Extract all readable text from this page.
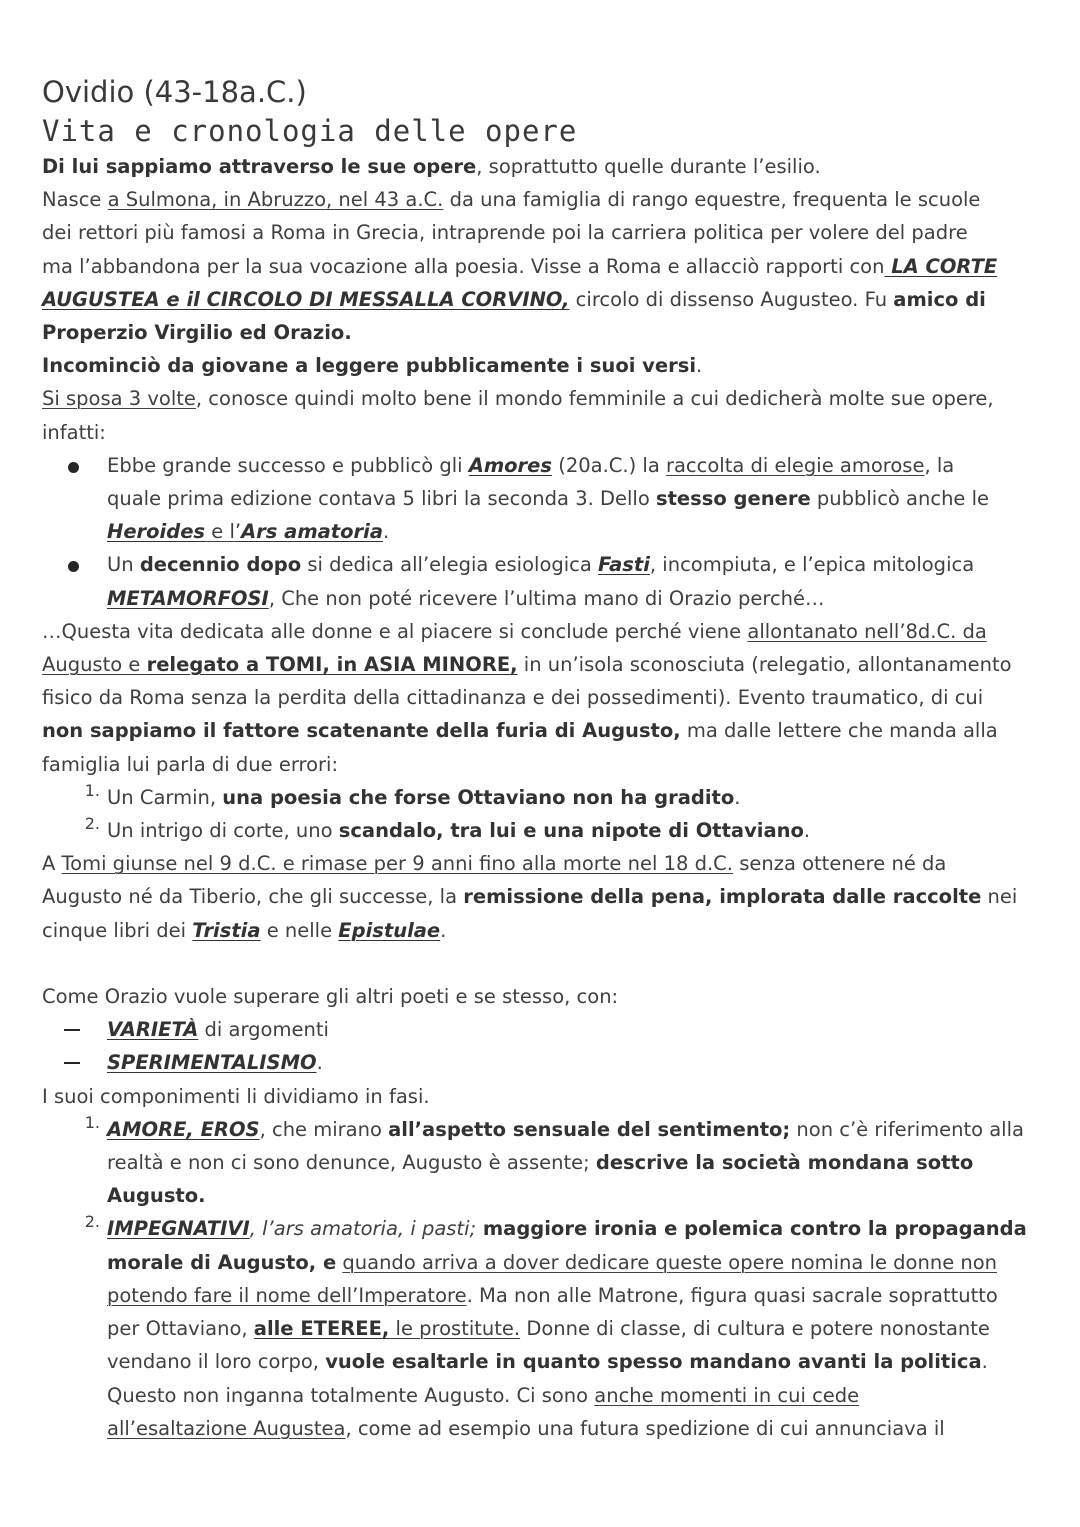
Ovidio (43-18a.C.)
Vita e cronologia delle opere

Di lui sappiamo attraverso le sue opere, soprattutto quelle durante l’esilio.

Nasce a Sulmona, in Abruzzo, nel 43 a.C. da una famiglia di rango equestre, frequenta le scuole

dei rettori più famosi a Roma in Grecia, intraprende poi la carriera politica per volere del padre

ma l’abbandona per la sua vocazione alla poesia. Visse a Roma e allacciò rapporti con LA CORTE

AUGUSTEA e il CIRCOLO DI MESSALLA CORVINO, circolo di dissenso Augusteo. Fu amico di

Properzio Virgilio ed Orazio.

Incominciò da giovane a leggere pubblicamente i suoi versi.

Si sposa 3 volte, conosce quindi molto bene il mondo femminile a cui dedicherà molte sue opere,

infatti:

Ebbe grande successo e pubblicò gli Amores (20a.C.) la raccolta di elegie amorose, la

quale prima edizione contava 5 libri la seconda 3. Dello stesso genere pubblicò anche le

Heroides e l’Ars amatoria.

Un decennio dopo si dedica all’elegia esiologica Fasti, incompiuta, e l’epica mitologica

METAMORFOSI, Che non poté ricevere l’ultima mano di Orazio perché…

…Questa vita dedicata alle donne e al piacere si conclude perché viene allontanato nell’8d.C. da

Augusto e relegato a TOMI, in ASIA MINORE, in un’isola sconosciuta (relegatio, allontanamento

fisico da Roma senza la perdita della cittadinanza e dei possedimenti). Evento traumatico, di cui

non sappiamo il fattore scatenante della furia di Augusto, ma dalle lettere che manda alla

famiglia lui parla di due errori:

1. Un Carmin, una poesia che forse Ottaviano non ha gradito.

2. Un intrigo di corte, uno scandalo, tra lui e una nipote di Ottaviano.

A Tomi giunse nel 9 d.C. e rimase per 9 anni fino alla morte nel 18 d.C. senza ottenere né da

Augusto né da Tiberio, che gli successe, la remissione della pena, implorata dalle raccolte nei

cinque libri dei Tristia e nelle Epistulae.

Come Orazio vuole superare gli altri poeti e se stesso, con:

VARIETÀ di argomenti

SPERIMENTALISMO.

I suoi componimenti li dividiamo in fasi.

1. AMORE, EROS, che mirano all’aspetto sensuale del sentimento; non c’è riferimento alla

realtà e non ci sono denunce, Augusto è assente; descrive la società mondana sotto

Augusto.

2. IMPEGNATIVI, l’ars amatoria, i pasti; maggiore ironia e polemica contro la propaganda

morale di Augusto, e quando arriva a dover dedicare queste opere nomina le donne non

potendo fare il nome dell’Imperatore. Ma non alle Matrone, figura quasi sacrale soprattutto

per Ottaviano, alle ETEREE, le prostitute. Donne di classe, di cultura e potere nonostante

vendano il loro corpo, vuole esaltarle in quanto spesso mandano avanti la politica.

Questo non inganna totalmente Augusto. Ci sono anche momenti in cui cede

all’esaltazione Augustea, come ad esempio una futura spedizione di cui annunciava il
